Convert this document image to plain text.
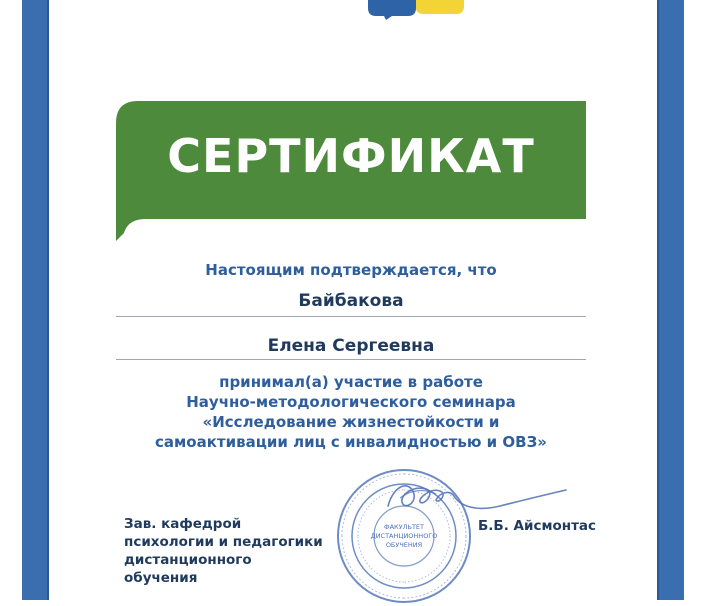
СЕРТИФИКАТ
Настоящим подтверждается, что
Байбакова
Елена Сергеевна
принимал(а) участие в работе
Научно-методологического семинара
«Исследование жизнестойкости и
самоактивации лиц с инвалидностью и ОВЗ»
Зав. кафедрой
психологии и педагогики
дистанционного
обучения
ФАКУЛЬТЕТ
ДИСТАНЦИОННОГО
ОБУЧЕНИЯ
Б.Б. Айсмонтас
